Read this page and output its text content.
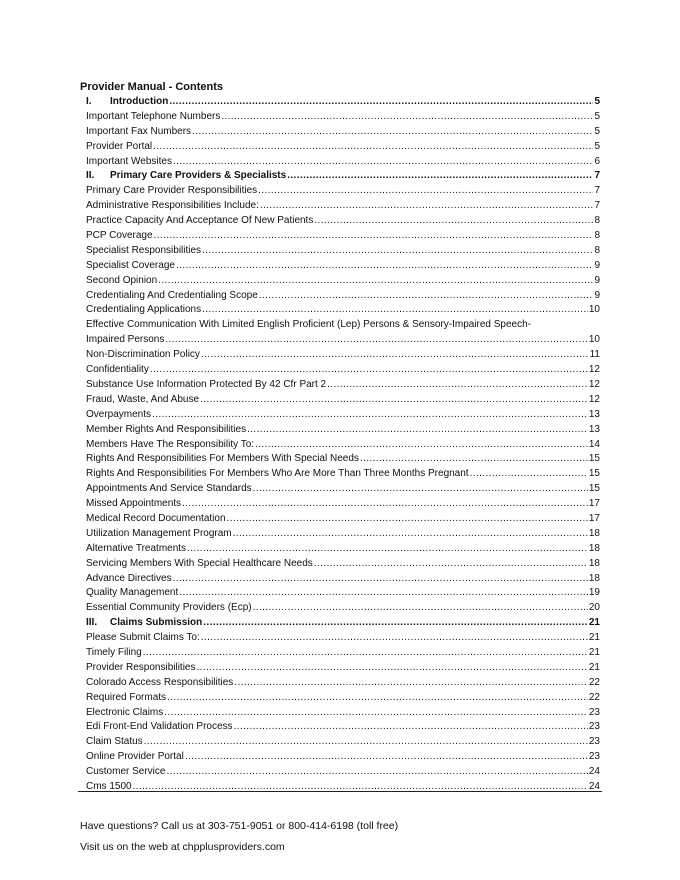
Provider Manual - Contents
I. Introduction .....	5
Important Telephone Numbers .....	5
Important Fax Numbers .....	5
Provider Portal .....	5
Important Websites .....	6
II. Primary Care Providers & Specialists .....	7
Primary Care Provider Responsibilities .....	7
Administrative Responsibilities Include: .....	7
Practice Capacity And Acceptance Of New Patients .....	8
PCP Coverage .....	8
Specialist Responsibilities .....	8
Specialist Coverage .....	9
Second Opinion .....	9
Credentialing And Credentialing Scope .....	9
Credentialing Applications .....	10
Effective Communication With Limited English Proficient (Lep) Persons & Sensory-Impaired Speech-
Impaired Persons .....	10
Non-Discrimination Policy .....	11
Confidentiality .....	12
Substance Use Information Protected By 42 Cfr Part 2 .....	12
Fraud, Waste, And Abuse .....	12
Overpayments .....	13
Member Rights And Responsibilities .....	13
Members Have The Responsibility To: .....	14
Rights And Responsibilities For Members With Special Needs .....	15
Rights And Responsibilities For Members Who Are More Than Three Months Pregnant .....	15
Appointments And Service Standards .....	15
Missed Appointments .....	17
Medical Record Documentation .....	17
Utilization Management Program .....	18
Alternative Treatments .....	18
Servicing Members With Special Healthcare Needs .....	18
Advance Directives .....	18
Quality Management .....	19
Essential Community Providers (Ecp) .....	20
III. Claims Submission .....	21
Please Submit Claims To: .....	21
Timely Filing .....	21
Provider Responsibilities .....	21
Colorado Access Responsibilities .....	22
Required Formats .....	22
Electronic Claims .....	23
Edi Front-End Validation Process .....	23
Claim Status .....	23
Online Provider Portal .....	23
Customer Service .....	24
Cms 1500 .....	24
Have questions? Call us at 303-751-9051 or 800-414-6198 (toll free)
Visit us on the web at chpplusproviders.com
